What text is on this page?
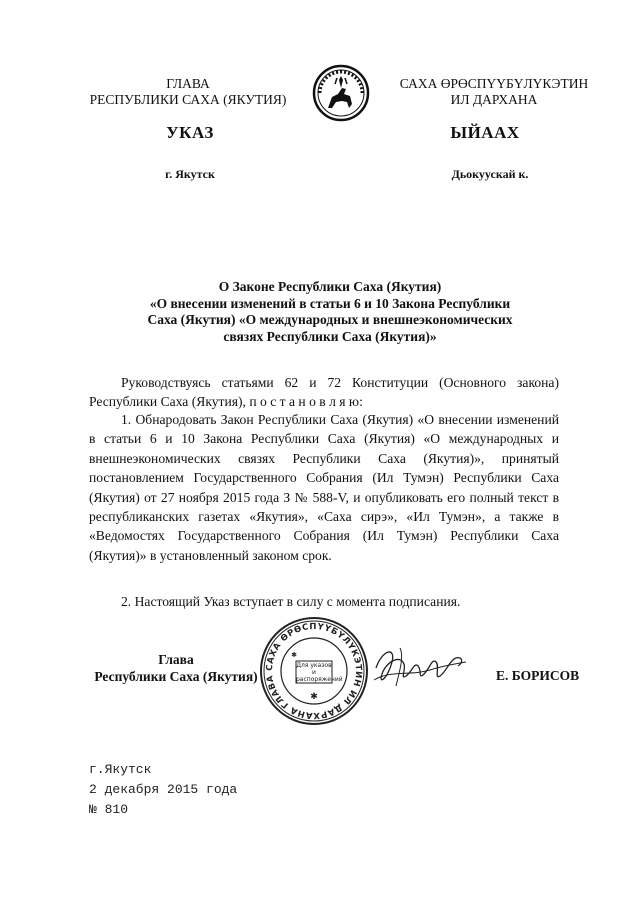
ГЛАВА
РЕСПУБЛИКИ САХА (ЯКУТИЯ)
САХА ӨРӨСПҮҮБҮЛҮКЭТИН
ИЛ ДАРХАНА
УКАЗ	ЫЙААХ
г. Якутск	Дьокуускай к.
О Законе Республики Саха (Якутия)
«О внесении изменений в статьи 6 и 10 Закона Республики
Саха (Якутия) «О международных и внешнеэкономических
связях Республики Саха (Якутия)»
Руководствуясь статьями 62 и 72 Конституции (Основного закона) Республики Саха (Якутия), п о с т а н о в л я ю:
1. Обнародовать Закон Республики Саха (Якутия) «О внесении изменений в статьи 6 и 10 Закона Республики Саха (Якутия) «О международных и внешнеэкономических связях Республики Саха (Якутия)», принятый постановлением Государственного Собрания (Ил Тумэн) Республики Саха (Якутия) от 27 ноября 2015 года З № 588-V, и опубликовать его полный текст в республиканских газетах «Якутия», «Саха сирэ», «Ил Тумэн», а также в «Ведомостях Государственного Собрания (Ил Тумэн) Республики Саха (Якутия)» в установленный законом срок.
2. Настоящий Указ вступает в силу с момента подписания.
Глава
Республики Саха (Якутия)
САХА ӨРӨСПҮҮБҮЛҮКЭТИН ИЛ ДАРХАНА ГЛАВА
Для указов и распоряжений
✱
✱
Е. БОРИСОВ
г.Якутск
2 декабря 2015 года
№ 810
